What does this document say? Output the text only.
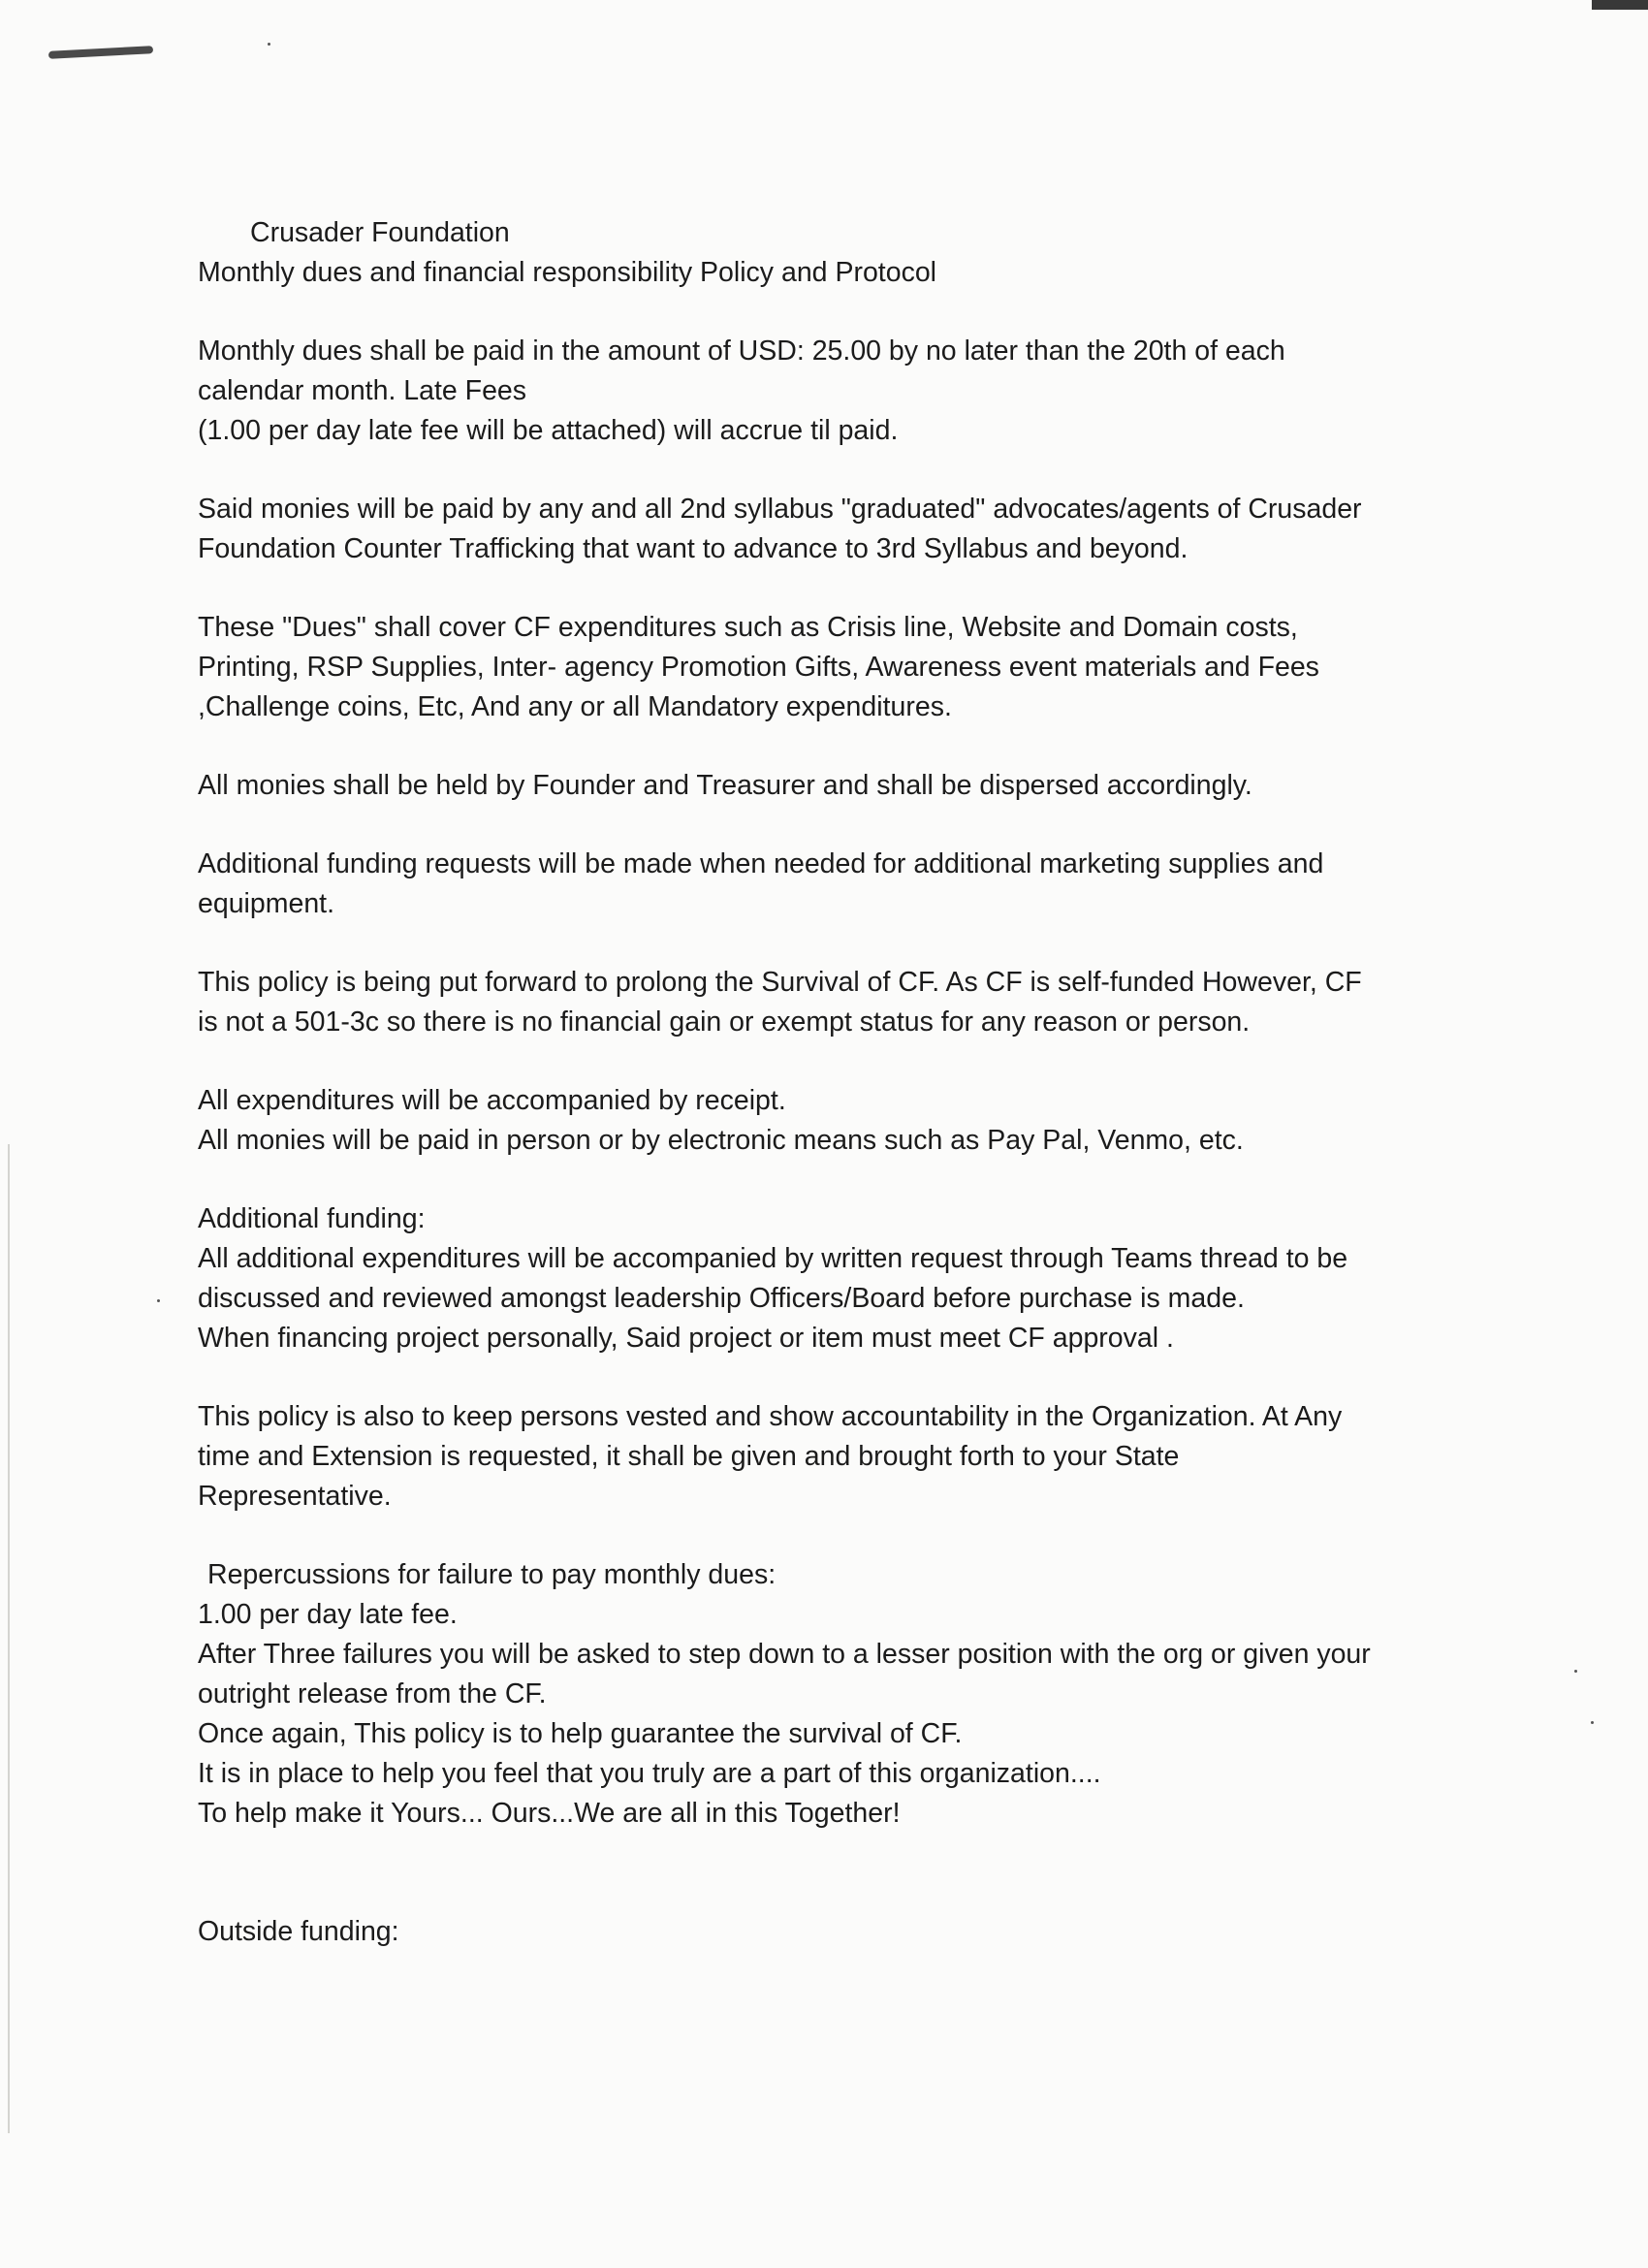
Crusader Foundation
Monthly dues and financial responsibility Policy and Protocol
Monthly dues shall be paid in the amount of USD: 25.00 by no later than the 20th of each
calendar month. Late Fees
(1.00 per day late fee will be attached) will accrue til paid.
Said monies will be paid by any and all 2nd syllabus "graduated" advocates/agents of Crusader
Foundation Counter Trafficking that want to advance to 3rd Syllabus and beyond.
These "Dues" shall cover CF expenditures such as Crisis line, Website and Domain costs,
Printing, RSP Supplies, Inter- agency Promotion Gifts, Awareness event materials and Fees
,Challenge coins, Etc, And any or all Mandatory expenditures.
All monies shall be held by Founder and Treasurer and shall be dispersed accordingly.
Additional funding requests will be made when needed for additional marketing supplies and
equipment.
This policy is being put forward to prolong the Survival of CF. As CF is self-funded However, CF
is not a 501-3c so there is no financial gain or exempt status for any reason or person.
All expenditures will be accompanied by receipt.
All monies will be paid in person or by electronic means such as Pay Pal, Venmo, etc.
Additional funding:
All additional expenditures will be accompanied by written request through Teams thread to be
discussed and reviewed amongst leadership Officers/Board before purchase is made.
When financing project personally, Said project or item must meet CF approval .
This policy is also to keep persons vested and show accountability in the Organization. At Any
time and Extension is requested, it shall be given and brought forth to your State
Representative.
Repercussions for failure to pay monthly dues:
1.00 per day late fee.
After Three failures you will be asked to step down to a lesser position with the org or given your
outright release from the CF.
Once again, This policy is to help guarantee the survival of CF.
It is in place to help you feel that you truly are a part of this organization....
To help make it Yours... Ours...We are all in this Together!
Outside funding:
